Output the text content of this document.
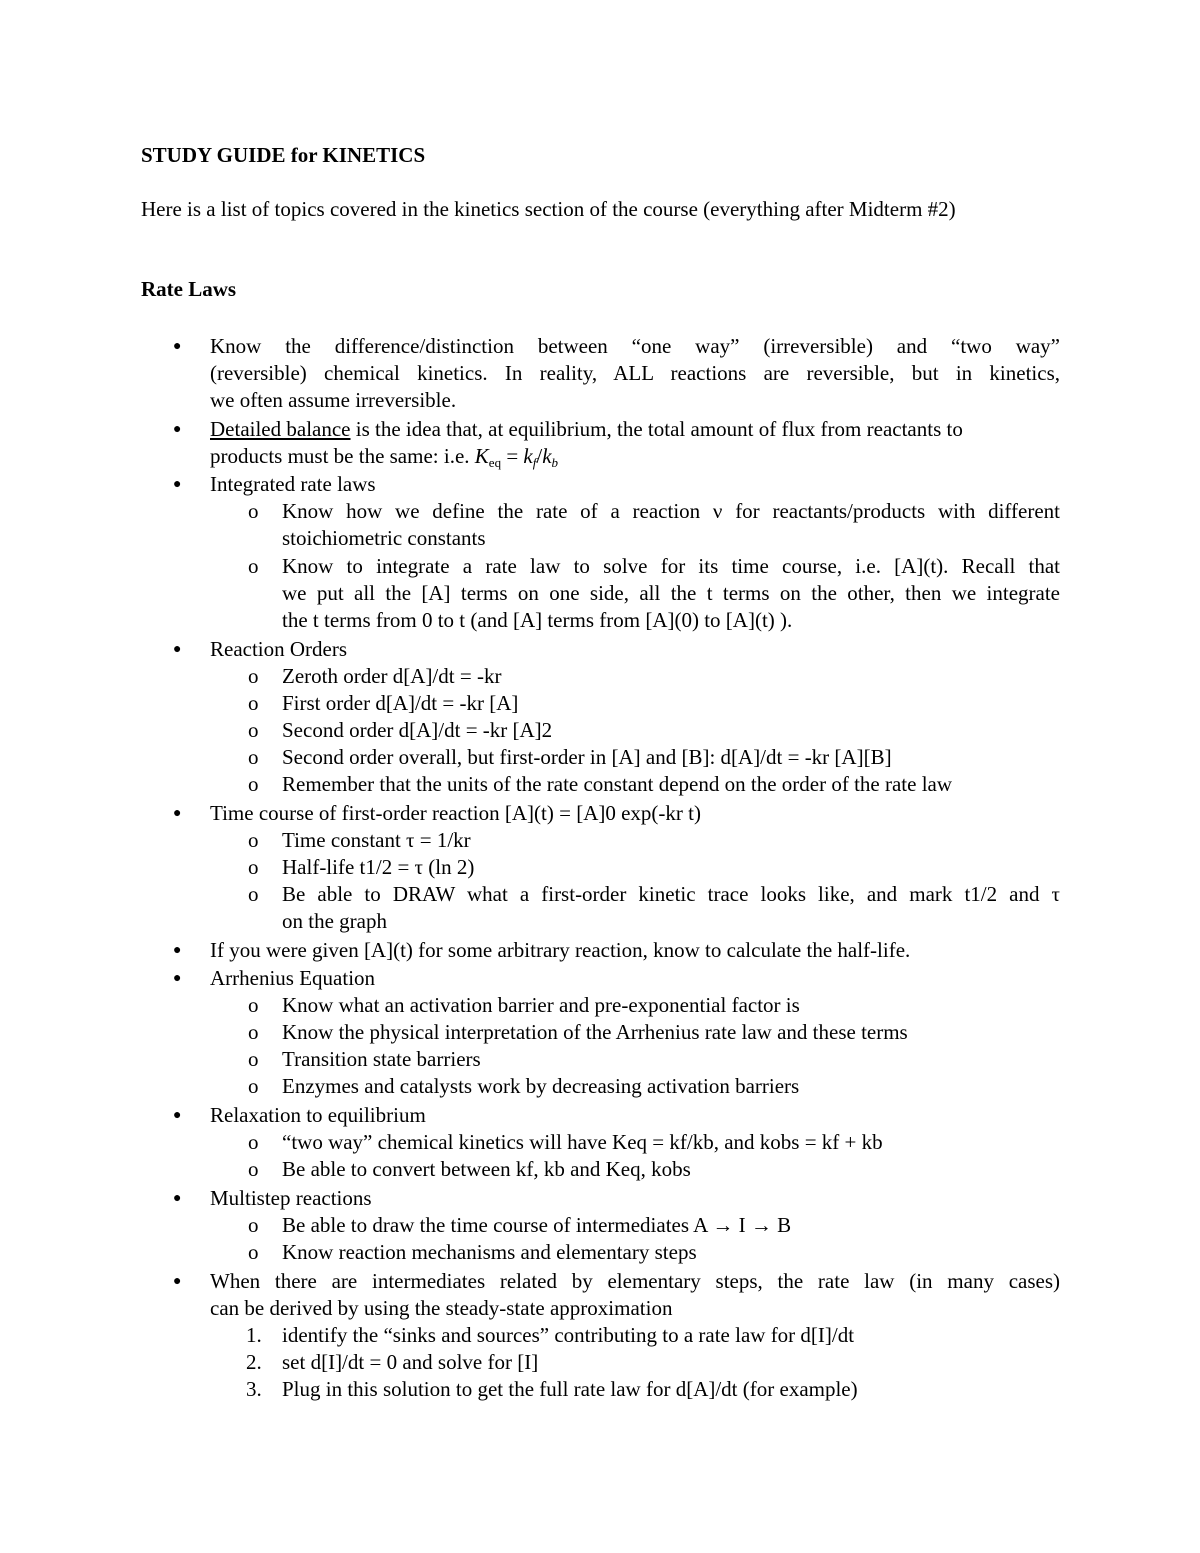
STUDY GUIDE for KINETICS
Here is a list of topics covered in the kinetics section of the course (everything after Midterm #2)
Rate Laws
● Know the difference/distinction between “one way” (irreversible) and “two way”
(reversible) chemical kinetics. In reality, ALL reactions are reversible, but in kinetics,
we often assume irreversible.
● Detailed balance is the idea that, at equilibrium, the total amount of flux from reactants to
products must be the same: i.e. $K_{eq} = k_f/k_b$
● Integrated rate laws
o Know how we define the rate of a reaction ν for reactants/products with different
stoichiometric constants
o Know to integrate a rate law to solve for its time course, i.e. [A](t). Recall that
we put all the [A] terms on one side, all the t terms on the other, then we integrate
the t terms from 0 to t (and [A] terms from [A](0) to [A](t) ).
● Reaction Orders
o Zeroth order d[A]/dt = -kr
o First order d[A]/dt = -kr [A]
o Second order d[A]/dt = -kr [A]2
o Second order overall, but first-order in [A] and [B]: d[A]/dt = -kr [A][B]
o Remember that the units of the rate constant depend on the order of the rate law
● Time course of first-order reaction [A](t) = [A]0 exp(-kr t)
o Time constant τ = 1/kr
o Half-life t1/2 = τ (ln 2)
o Be able to DRAW what a first-order kinetic trace looks like, and mark t1/2 and τ
on the graph
● If you were given [A](t) for some arbitrary reaction, know to calculate the half-life.
● Arrhenius Equation
o Know what an activation barrier and pre-exponential factor is
o Know the physical interpretation of the Arrhenius rate law and these terms
o Transition state barriers
o Enzymes and catalysts work by decreasing activation barriers
● Relaxation to equilibrium
o “two way” chemical kinetics will have Keq = kf/kb, and kobs = kf + kb
o Be able to convert between kf, kb and Keq, kobs
● Multistep reactions
o Be able to draw the time course of intermediates A → I → B
o Know reaction mechanisms and elementary steps
● When there are intermediates related by elementary steps, the rate law (in many cases)
can be derived by using the steady-state approximation
1. identify the “sinks and sources” contributing to a rate law for d[I]/dt
2. set d[I]/dt = 0 and solve for [I]
3. Plug in this solution to get the full rate law for d[A]/dt (for example)
